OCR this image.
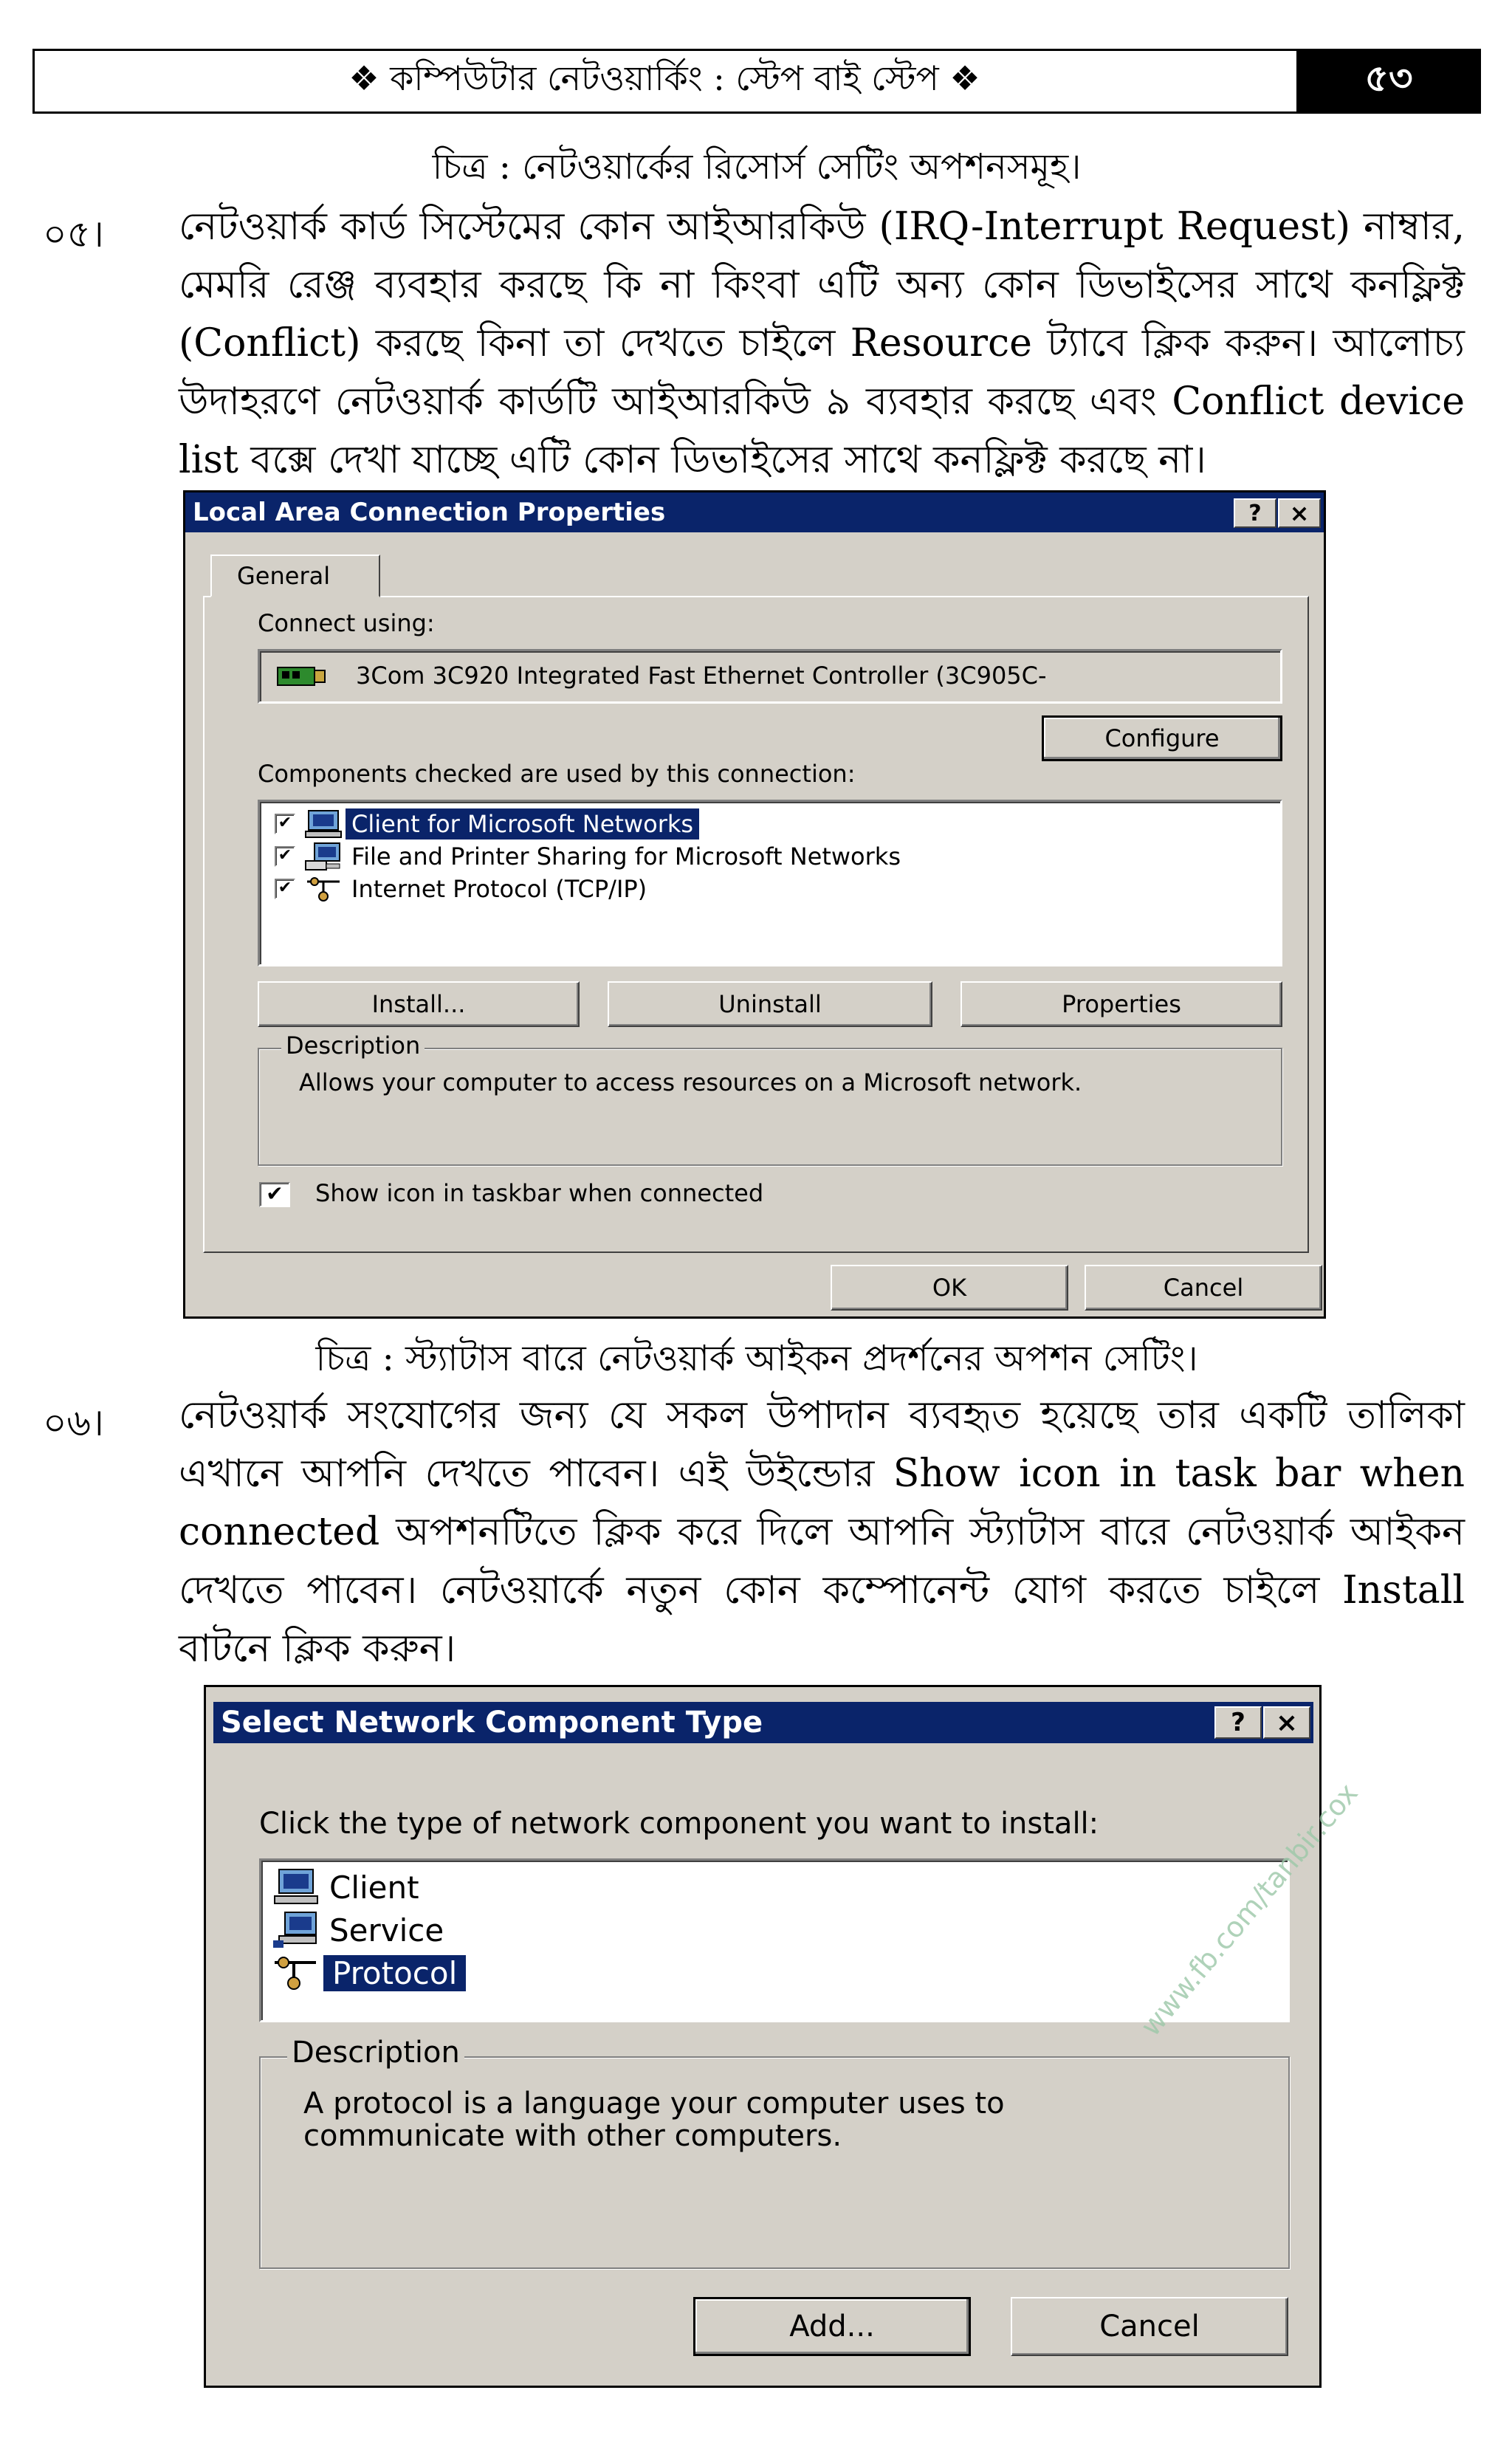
❖ কম্পিউটার নেটওয়ার্কিং : স্টেপ বাই স্টেপ ❖	৫৩
চিত্র : নেটওয়ার্কের রিসোর্স সেটিং অপশনসমূহ।
০৫। নেটওয়ার্ক কার্ড সিস্টেমের কোন আইআরকিউ (IRQ-Interrupt Request) নাম্বার, মেমরি রেঞ্জ ব্যবহার করছে কি না কিংবা এটি অন্য কোন ডিভাইসের সাথে কনফ্লিক্ট (Conflict) করছে কিনা তা দেখতে চাইলে Resource ট্যাবে ক্লিক করুন। আলোচ্য উদাহরণে নেটওয়ার্ক কার্ডটি আইআরকিউ ৯ ব্যবহার করছে এবং Conflict device list বক্সে দেখা যাচ্ছে এটি কোন ডিভাইসের সাথে কনফ্লিক্ট করছে না।
Local Area Connection Properties	?	×
General
Connect using:
3Com 3C920 Integrated Fast Ethernet Controller (3C905C-
Configure
Components checked are used by this connection:
✔	Client for Microsoft Networks
✔	File and Printer Sharing for Microsoft Networks
✔	Internet Protocol (TCP/IP)
Install...	Uninstall	Properties
Description
Allows your computer to access resources on a Microsoft network.
✔ Show icon in taskbar when connected
OK	Cancel
চিত্র : স্ট্যাটাস বারে নেটওয়ার্ক আইকন প্রদর্শনের অপশন সেটিং।
০৬। নেটওয়ার্ক সংযোগের জন্য যে সকল উপাদান ব্যবহৃত হয়েছে তার একটি তালিকা এখানে আপনি দেখতে পাবেন। এই উইন্ডোর Show icon in task bar when connected অপশনটিতে ক্লিক করে দিলে আপনি স্ট্যাটাস বারে নেটওয়ার্ক আইকন দেখতে পাবেন। নেটওয়ার্কে নতুন কোন কম্পোনেন্ট যোগ করতে চাইলে Install বাটনে ক্লিক করুন।
Select Network Component Type	?	×
Click the type of network component you want to install:
Client
Service
Protocol
Description
A protocol is a language your computer uses to communicate with other computers.
Add...	Cancel
www.fb.com/tanbir.cox
